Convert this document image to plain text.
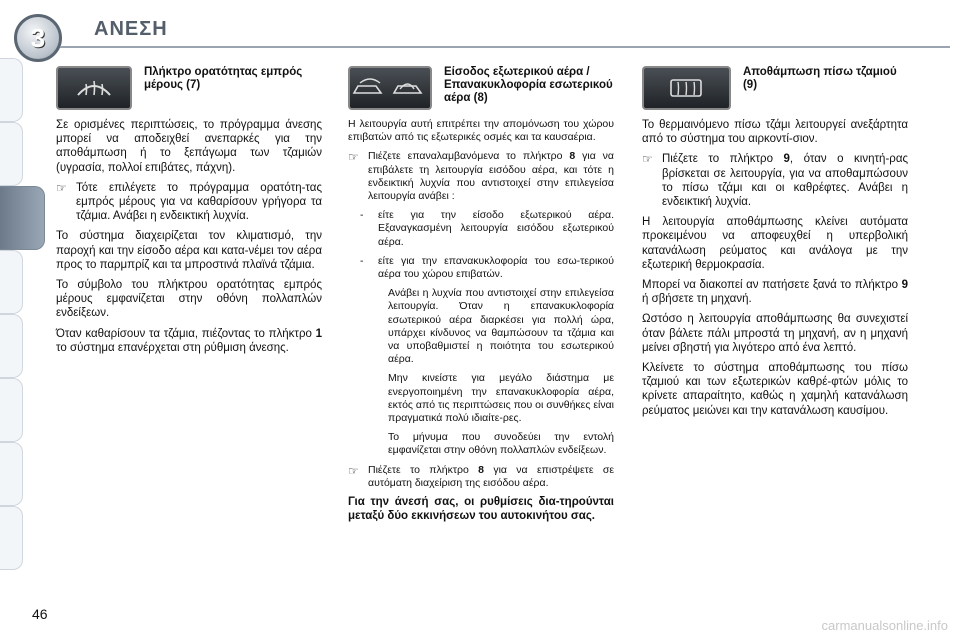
3	ΑΝΕΣΗ
Πλήκτρο ορατότητας εμπρός μέρους (7)

Σε ορισμένες περιπτώσεις, το πρόγραμμα άνεσης μπορεί να αποδειχθεί ανεπαρκές για την αποθάμπωση ή το ξεπάγωμα των τζαμιών (υγρασία, πολλοί επιβάτες, πάχνη).

☞ Τότε επιλέγετε το πρόγραμμα ορατότη-τας εμπρός μέρους για να καθαρίσουν γρήγορα τα τζάμια. Ανάβει η ενδεικτική λυχνία.

Το σύστημα διαχειρίζεται τον κλιματισμό, την παροχή και την είσοδο αέρα και κατα-νέμει τον αέρα προς το παρμπρίζ και τα μπροστινά πλαϊνά τζάμια.

Το σύμβολο του πλήκτρου ορατότητας εμπρός μέρους εμφανίζεται στην οθόνη πολλαπλών ενδείξεων.

Όταν καθαρίσουν τα τζάμια, πιέζοντας το πλήκτρο 1 το σύστημα επανέρχεται στη ρύθμιση άνεσης.

Είσοδος εξωτερικού αέρα / Επανακυκλοφορία εσωτερικού αέρα (8)

Η λειτουργία αυτή επιτρέπει την απομόνωση του χώρου επιβατών από τις εξωτερικές οσμές και τα καυσαέρια.

☞ Πιέζετε επαναλαμβανόμενα το πλήκτρο 8 για να επιβάλετε τη λειτουργία εισόδου αέρα, και τότε η ενδεικτική λυχνία που αντιστοιχεί στην επιλεγείσα λειτουργία ανάβει :
-	είτε για την είσοδο εξωτερικού αέρα. Εξαναγκασμένη λειτουργία εισόδου εξωτερικού αέρα.
-	είτε για την επανακυκλοφορία του εσω-τερικού αέρα του χώρου επιβατών.

Ανάβει η λυχνία που αντιστοιχεί στην επιλεγείσα λειτουργία. Όταν η επανακυκλοφορία εσωτερικού αέρα διαρκέσει για πολλή ώρα, υπάρχει κίνδυνος να θαμπώσουν τα τζάμια και να υποβαθμιστεί η ποιότητα του εσωτερικού αέρα.

Μην κινείστε για μεγάλο διάστημα με ενεργοποιημένη την επανακυκλοφορία αέρα, εκτός από τις περιπτώσεις που οι συνθήκες είναι πραγματικά πολύ ιδιαίτε-ρες.

Το μήνυμα που συνοδεύει την εντολή εμφανίζεται στην οθόνη πολλαπλών ενδείξεων.

☞ Πιέζετε το πλήκτρο 8 για να επιστρέψετε σε αυτόματη διαχείριση της εισόδου αέρα.

Για την άνεσή σας, οι ρυθμίσεις δια-τηρούνται μεταξύ δύο εκκινήσεων του αυτοκινήτου σας.

Αποθάμπωση πίσω τζαμιού (9)

Το θερμαινόμενο πίσω τζάμι λειτουργεί ανεξάρτητα από το σύστημα του αιρκοντί-σιον.

☞ Πιέζετε το πλήκτρο 9, όταν ο κινητή-ρας βρίσκεται σε λειτουργία, για να αποθαμπώσουν το πίσω τζάμι και οι καθρέφτες. Ανάβει η ενδεικτική λυχνία.

Η λειτουργία αποθάμπωσης κλείνει αυτόματα προκειμένου να αποφευχθεί η υπερβολική κατανάλωση ρεύματος και ανάλογα με την εξωτερική θερμοκρασία.

Μπορεί να διακοπεί αν πατήσετε ξανά το πλήκτρο 9 ή σβήσετε τη μηχανή.

Ωστόσο η λειτουργία αποθάμπωσης θα συνεχιστεί όταν βάλετε πάλι μπροστά τη μηχανή, αν η μηχανή μείνει σβηστή για λιγότερο από ένα λεπτό.

Κλείνετε το σύστημα αποθάμπωσης του πίσω τζαμιού και των εξωτερικών καθρέ-φτών μόλις το κρίνετε απαραίτητο, καθώς η χαμηλή κατανάλωση ρεύματος μειώνει και την κατανάλωση καυσίμου.

46
carmanualsonline.info
